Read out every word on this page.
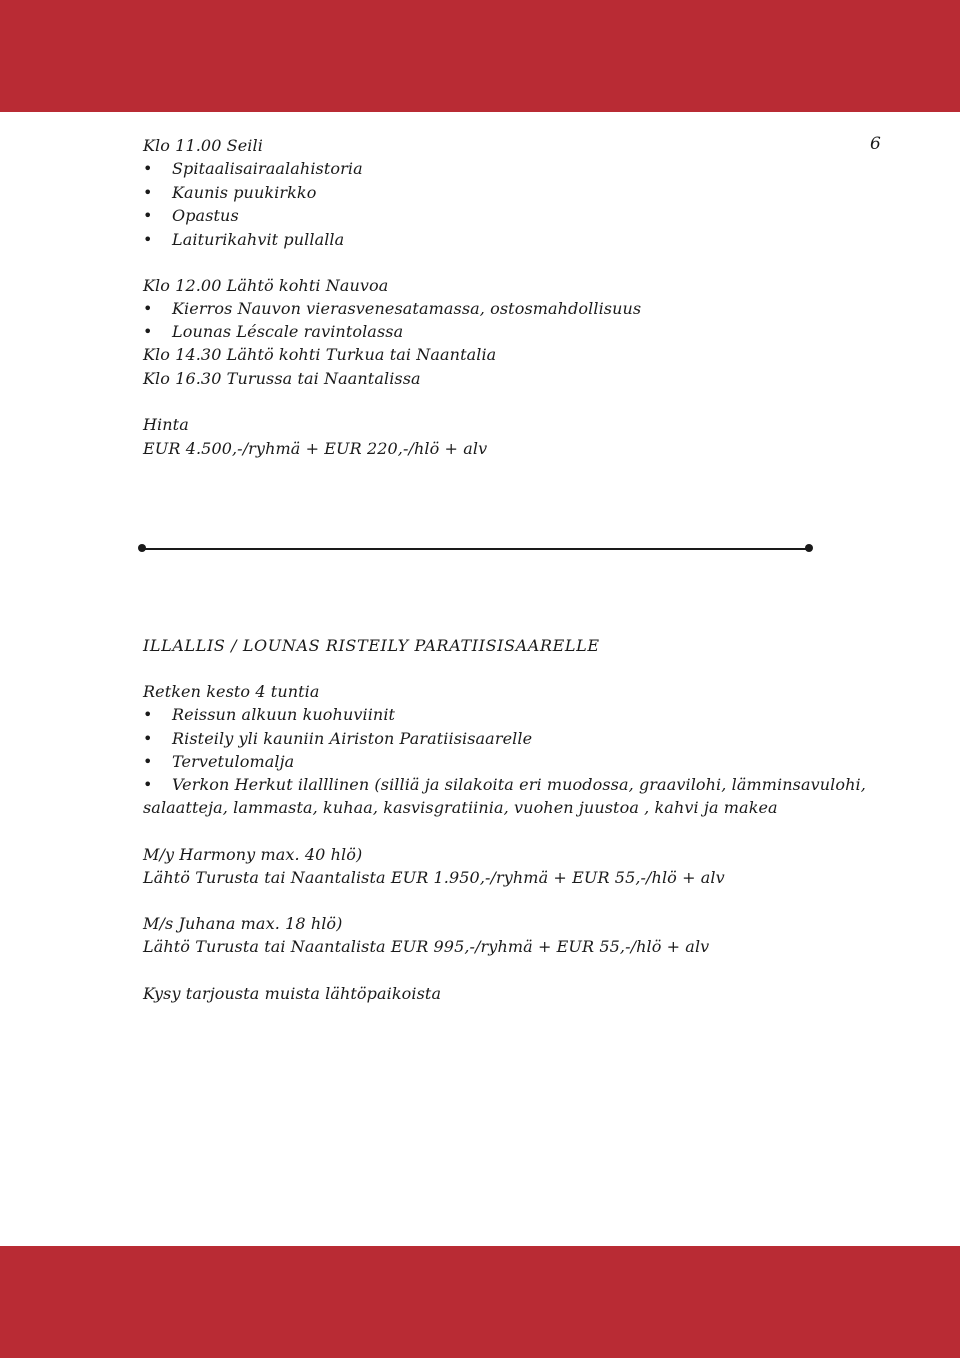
6
Klo 11.00 Seili
• Spitaalisairaalahistoria
• Kaunis puukirkko
• Opastus
• Laiturikahvit pullalla
Klo 12.00 Lähtö kohti Nauvoa
• Kierros Nauvon vierasvenesatamassa, ostosmahdollisuus
• Lounas Léscale ravintolassa
Klo 14.30 Lähtö kohti Turkua tai Naantalia
Klo 16.30 Turussa tai Naantalissa
Hinta
EUR 4.500,-/ryhmä + EUR 220,-/hlö + alv
ILLALLIS / LOUNAS RISTEILY PARATIISISAARELLE
Retken kesto 4 tuntia
• Reissun alkuun kuohuviinit
• Risteily yli kauniin Airiston Paratiisisaarelle
• Tervetulomalja
• Verkon Herkut ilalllinen (silliä ja silakoita eri muodossa, graavilohi, lämminsavulohi,
salaatteja, lammasta, kuhaa, kasvisgratiinia, vuohen juustoa , kahvi ja makea
M/y Harmony max. 40 hlö)
Lähtö Turusta tai Naantalista EUR 1.950,-/ryhmä + EUR 55,-/hlö + alv
M/s Juhana max. 18 hlö)
Lähtö Turusta tai Naantalista EUR 995,-/ryhmä + EUR 55,-/hlö + alv
Kysy tarjousta muista lähtöpaikoista
